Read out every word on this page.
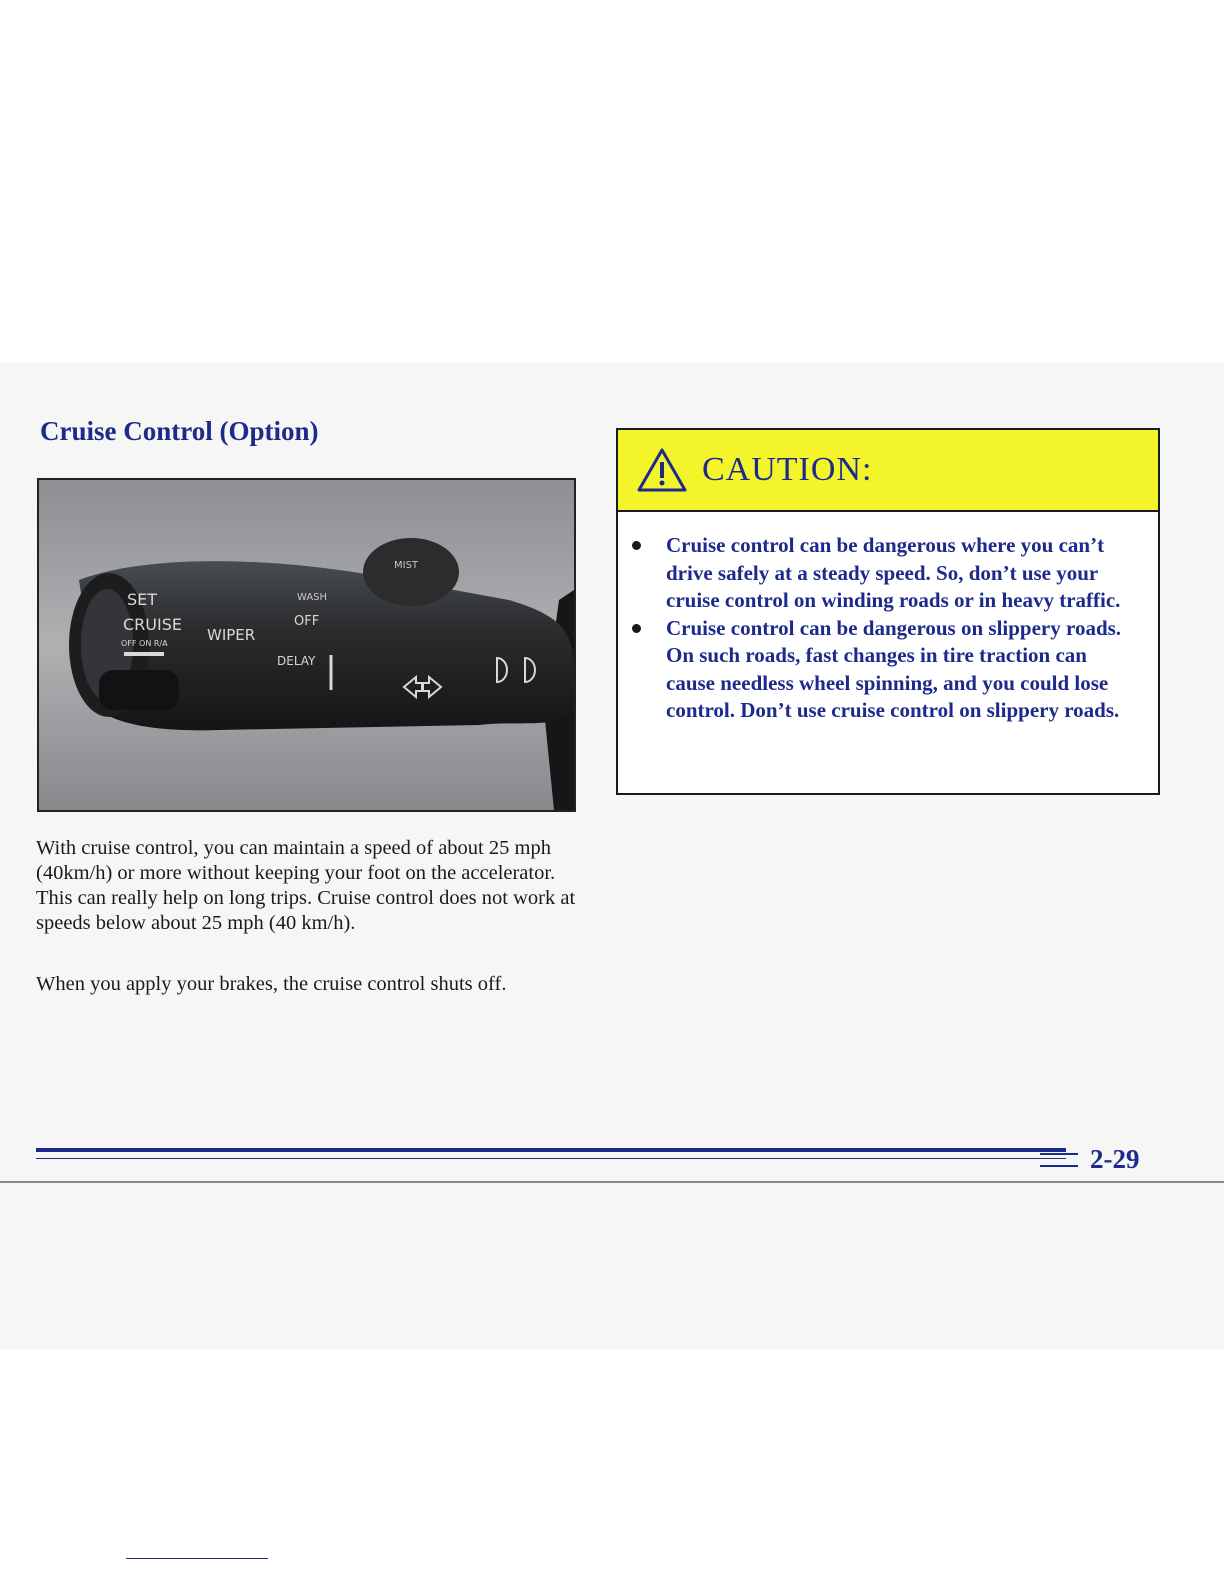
Cruise Control (Option)
SET
CRUISE
OFF ON R/A	WIPER
OFF
DELAY
WASH
MIST

With cruise control, you can maintain a speed of about 25 mph (40km/h) or more without keeping your foot on the accelerator. This can really help on long trips. Cruise control does not work at speeds below about 25 mph (40 km/h).

When you apply your brakes, the cruise control shuts off.

CAUTION:
Cruise control can be dangerous where you can’t drive safely at a steady speed. So, don’t use your cruise control on winding roads or in heavy traffic.
Cruise control can be dangerous on slippery roads. On such roads, fast changes in tire traction can cause needless wheel spinning, and you could lose control. Don’t use cruise control on slippery roads.

2-29
